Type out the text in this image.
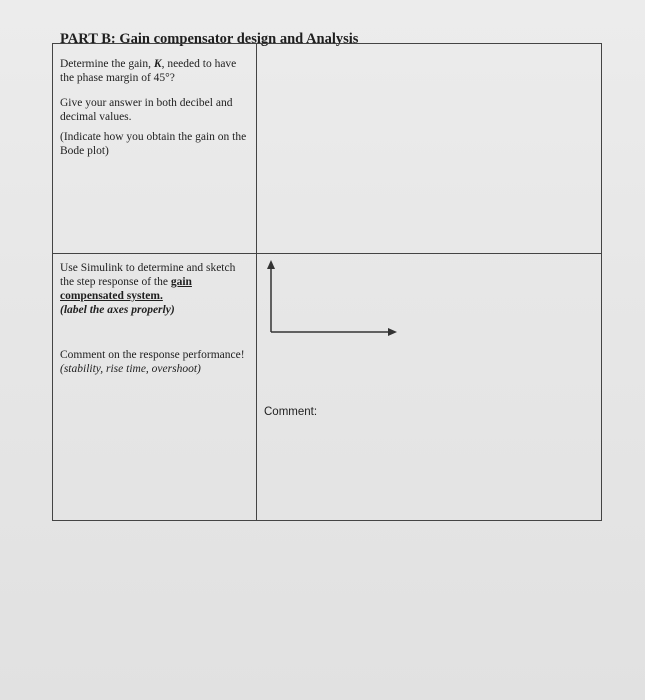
PART B: Gain compensator design and Analysis
Determine the gain, K, needed to have the phase margin of 45°?
Give your answer in both decibel and decimal values.
(Indicate how you obtain the gain on the Bode plot)
Use Simulink to determine and sketch the step response of the gain compensated system.
(label the axes properly)
Comment on the response performance!
(stability, rise time, overshoot)
Comment:
